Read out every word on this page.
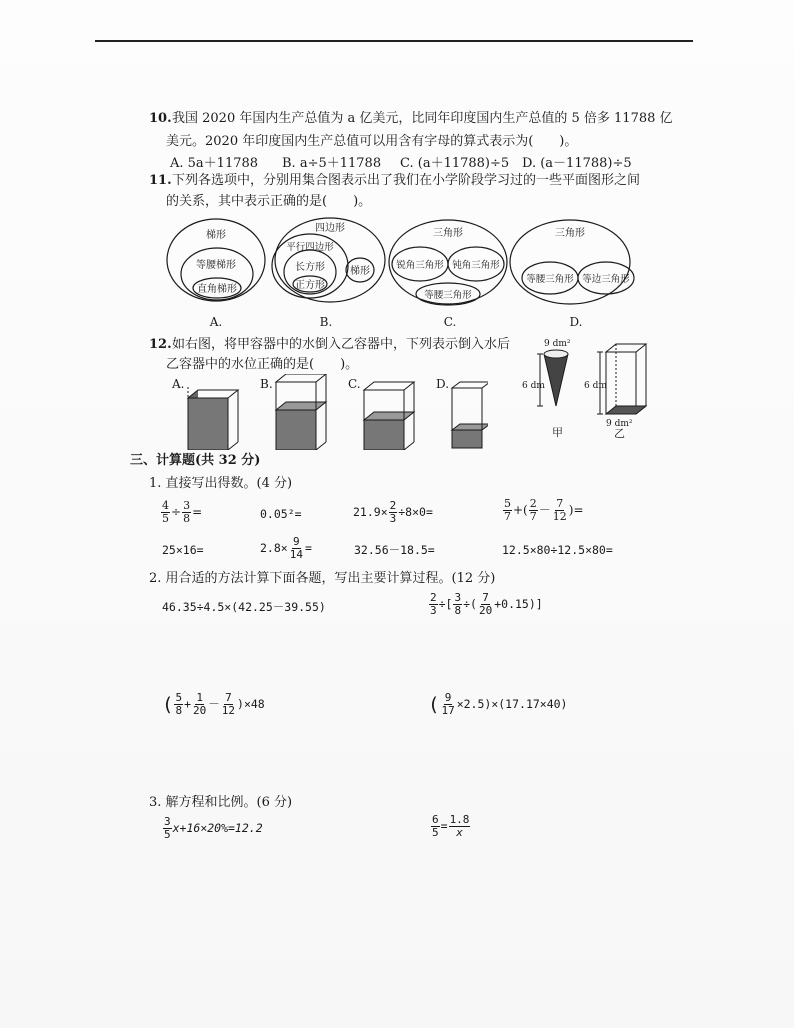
10. 我国 2020 年国内生产总值为 a 亿美元，比同年印度国内生产总值的 5 倍多 11788 亿
美元。2020 年印度国内生产总值可以用含有字母的算式表示为(　　)。
A. 5a＋11788 B. a÷5＋11788 C. (a＋11788)÷5 D. (a－11788)÷5
11. 下列各选项中，分别用集合图表示出了我们在小学阶段学习过的一些平面图形之间
的关系，其中表示正确的是(　　)。
梯形
等腰梯形
直角梯形
四边形
平行四边形
长方形
正方形
梯形
三角形
锐角三角形 钝角三角形
等腰三角形
三角形
等腰三角形 等边三角形
A.	B.	C.	D.
12. 如右图，将甲容器中的水倒入乙容器中，下列表示倒入水后
乙容器中的水位正确的是(　　)。
A.	B.	C.	D.
9 dm²
6 dm
甲
6 dm
9 dm²
乙
三、计算题(共 32 分)
1. 直接写出得数。(4 分)
$\frac{4}{5} \div \frac{3}{8}$ =	0.05²=	$21.9\times \frac{2}{3} \div 8\times 0=$	$\frac{5}{7}$ +( $\frac{2}{7} - \frac{7}{12}$ )=
25×16=	$2.8\times \frac{9}{14}$ =	32.56－18.5=	12.5×80÷12.5×80=
2. 用合适的方法计算下面各题，写出主要计算过程。(12 分)
46.35÷4.5×(42.25－39.55)	$\frac{2}{3}$ ÷[ $\frac{3}{8}$ ÷( $\frac{7}{20} +0.15$)]
( $\frac{5}{8} + \frac{1}{20} - \frac{7}{12} )\times 48$	( $\frac{9}{17} \times 2.5)\times(17.17\times 40)$
3. 解方程和比例。(6 分)
$\frac{3}{5} x+16\times 20\%=12.2$	$\frac{6}{5} = \frac{1.8}{x}$
